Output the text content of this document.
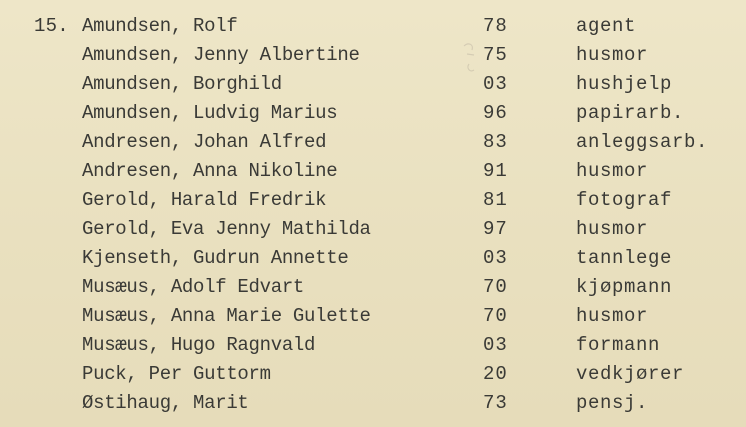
15. Amundsen, Rolf	78	agent
Amundsen, Jenny Albertine	75	husmor
Amundsen, Borghild	03	hushjelp
Amundsen, Ludvig Marius	96	papirarb.
Andresen, Johan Alfred	83	anleggsarb.
Andresen, Anna Nikoline	91	husmor
Gerold, Harald Fredrik	81	fotograf
Gerold, Eva Jenny Mathilda	97	husmor
Kjenseth, Gudrun Annette	03	tannlege
Musæus, Adolf Edvart	70	kjøpmann
Musæus, Anna Marie Gulette	70	husmor
Musæus, Hugo Ragnvald	03	formann
Puck, Per Guttorm	20	vedkjører
Østihaug, Marit	73	pensj.
